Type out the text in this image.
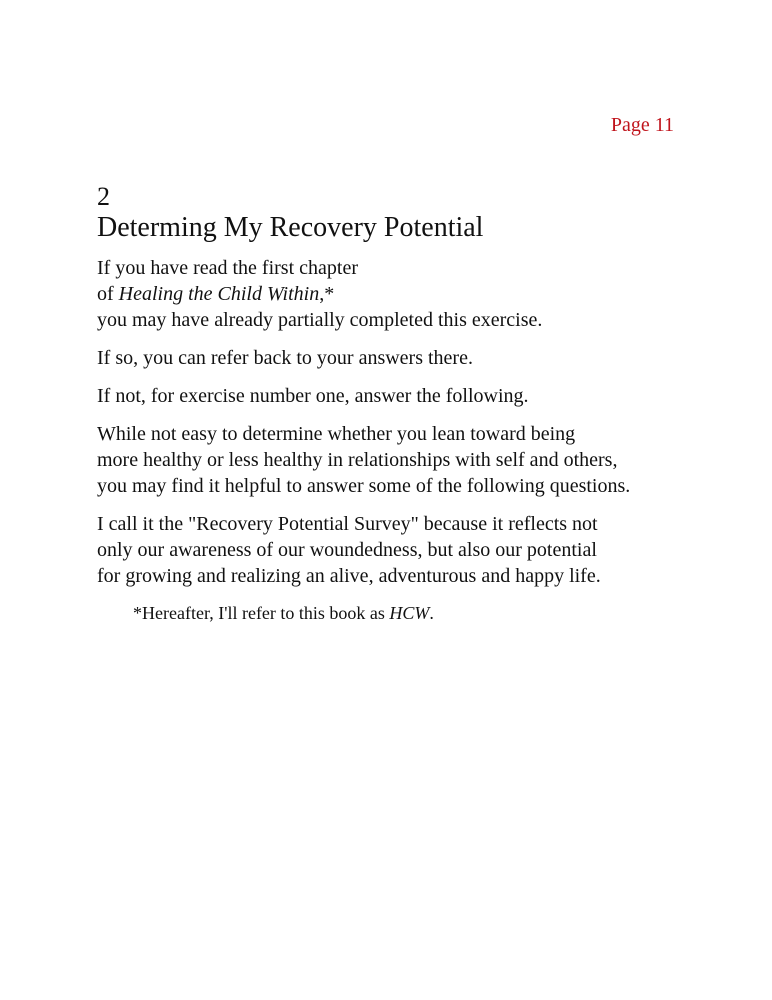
Page 11
2
Determing My Recovery Potential

If you have read the first chapter
of Healing the Child Within,*
you may have already partially completed this exercise.

If so, you can refer back to your answers there.

If not, for exercise number one, answer the following.

While not easy to determine whether you lean toward being
more healthy or less healthy in relationships with self and others,
you may find it helpful to answer some of the following questions.

I call it the "Recovery Potential Survey" because it reflects not
only our awareness of our woundedness, but also our potential
for growing and realizing an alive, adventurous and happy life.

*Hereafter, I'll refer to this book as HCW.
